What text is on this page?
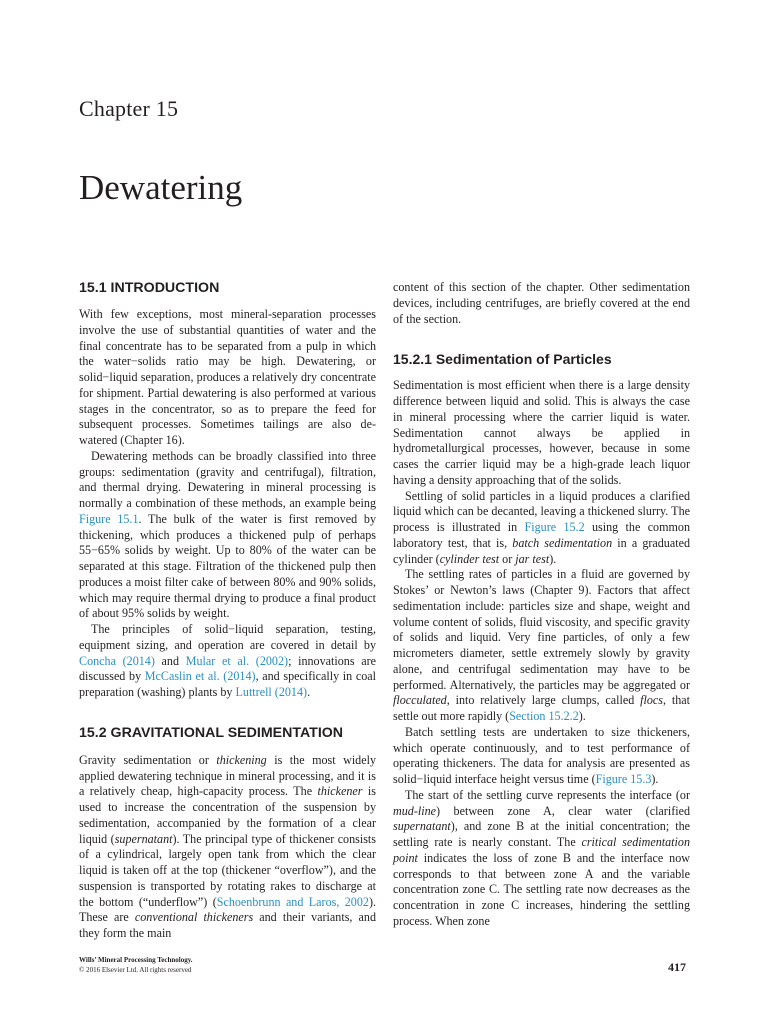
Chapter 15
Dewatering
15.1 INTRODUCTION

With few exceptions, most mineral-separation processes involve the use of substantial quantities of water and the final concentrate has to be separated from a pulp in which the water−solids ratio may be high. Dewatering, or solid−liquid separation, produces a relatively dry concentrate for shipment. Partial dewatering is also performed at various stages in the concentrator, so as to prepare the feed for subsequent processes. Sometimes tailings are also de-watered (Chapter 16).

Dewatering methods can be broadly classified into three groups: sedimentation (gravity and centrifugal), filtration, and thermal drying. Dewatering in mineral processing is normally a combination of these methods, an example being Figure 15.1. The bulk of the water is first removed by thickening, which produces a thickened pulp of perhaps 55−65% solids by weight. Up to 80% of the water can be separated at this stage. Filtration of the thickened pulp then produces a moist filter cake of between 80% and 90% solids, which may require thermal drying to produce a final product of about 95% solids by weight.

The principles of solid−liquid separation, testing, equipment sizing, and operation are covered in detail by Concha (2014) and Mular et al. (2002); innovations are discussed by McCaslin et al. (2014), and specifically in coal preparation (washing) plants by Luttrell (2014).

15.2 GRAVITATIONAL SEDIMENTATION

Gravity sedimentation or thickening is the most widely applied dewatering technique in mineral processing, and it is a relatively cheap, high-capacity process. The thickener is used to increase the concentration of the suspension by sedimentation, accompanied by the formation of a clear liquid (supernatant). The principal type of thickener consists of a cylindrical, largely open tank from which the clear liquid is taken off at the top (thickener “overflow”), and the suspension is transported by rotating rakes to discharge at the bottom (“underflow”) (Schoenbrunn and Laros, 2002). These are conventional thickeners and their variants, and they form the main

content of this section of the chapter. Other sedimentation devices, including centrifuges, are briefly covered at the end of the section.

15.2.1 Sedimentation of Particles

Sedimentation is most efficient when there is a large density difference between liquid and solid. This is always the case in mineral processing where the carrier liquid is water. Sedimentation cannot always be applied in hydrometallurgical processes, however, because in some cases the carrier liquid may be a high-grade leach liquor having a density approaching that of the solids.

Settling of solid particles in a liquid produces a clarified liquid which can be decanted, leaving a thickened slurry. The process is illustrated in Figure 15.2 using the common laboratory test, that is, batch sedimentation in a graduated cylinder (cylinder test or jar test).

The settling rates of particles in a fluid are governed by Stokes’ or Newton’s laws (Chapter 9). Factors that affect sedimentation include: particles size and shape, weight and volume content of solids, fluid viscosity, and specific gravity of solids and liquid. Very fine particles, of only a few micrometers diameter, settle extremely slowly by gravity alone, and centrifugal sedimentation may have to be performed. Alternatively, the particles may be aggregated or flocculated, into relatively large clumps, called flocs, that settle out more rapidly (Section 15.2.2).

Batch settling tests are undertaken to size thickeners, which operate continuously, and to test performance of operating thickeners. The data for analysis are presented as solid−liquid interface height versus time (Figure 15.3).

The start of the settling curve represents the interface (or mud-line) between zone A, clear water (clarified supernatant), and zone B at the initial concentration; the settling rate is nearly constant. The critical sedimentation point indicates the loss of zone B and the interface now corresponds to that between zone A and the variable concentration zone C. The settling rate now decreases as the concentration in zone C increases, hindering the settling process. When zone

Wills’ Mineral Processing Technology.
© 2016 Elsevier Ltd. All rights reserved	417
